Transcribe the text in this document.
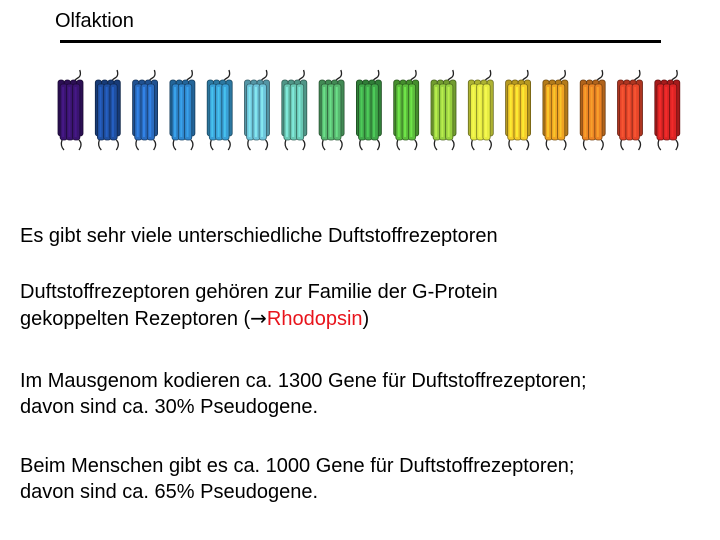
Olfaktion
Es gibt sehr viele unterschiedliche Duftstoffrezeptoren
Duftstoffrezeptoren gehören zur Familie der G-Protein
gekoppelten Rezeptoren (→Rhodopsin)
Im Mausgenom kodieren ca. 1300 Gene für Duftstoffrezeptoren;
davon sind ca. 30% Pseudogene.
Beim Menschen gibt es ca. 1000 Gene für Duftstoffrezeptoren;
davon sind ca. 65% Pseudogene.
